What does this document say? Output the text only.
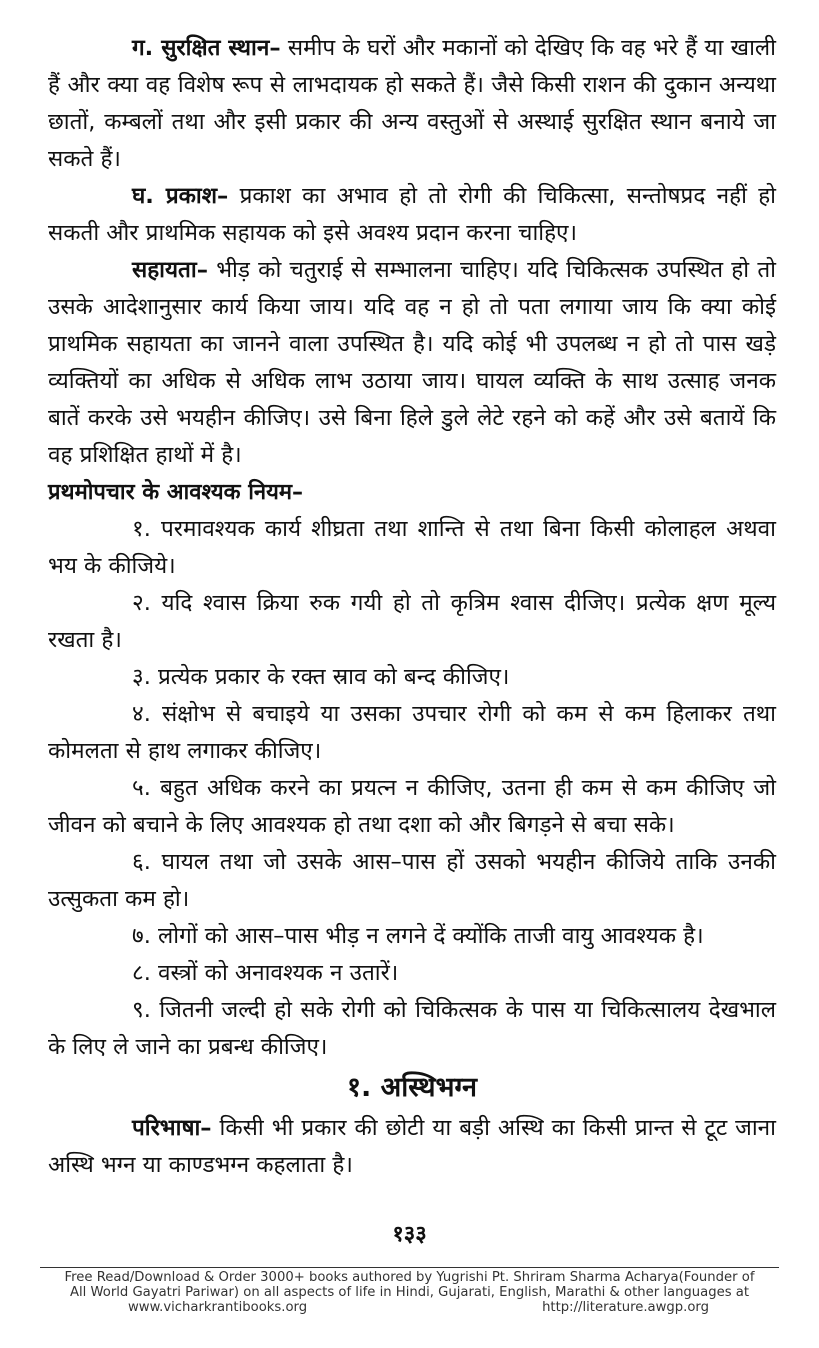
ग. सुरक्षित स्थान– समीप के घरों और मकानों को देखिए कि वह भरे हैं या खाली हैं और क्या वह विशेष रूप से लाभदायक हो सकते हैं। जैसे किसी राशन की दुकान अन्यथा छातों, कम्बलों तथा और इसी प्रकार की अन्य वस्तुओं से अस्थाई सुरक्षित स्थान बनाये जा सकते हैं।

घ. प्रकाश– प्रकाश का अभाव हो तो रोगी की चिकित्सा, सन्तोषप्रद नहीं हो सकती और प्राथमिक सहायक को इसे अवश्य प्रदान करना चाहिए।

सहायता– भीड़ को चतुराई से सम्भालना चाहिए। यदि चिकित्सक उपस्थित हो तो उसके आदेशानुसार कार्य किया जाय। यदि वह न हो तो पता लगाया जाय कि क्या कोई प्राथमिक सहायता का जानने वाला उपस्थित है। यदि कोई भी उपलब्ध न हो तो पास खड़े व्यक्तियों का अधिक से अधिक लाभ उठाया जाय। घायल व्यक्ति के साथ उत्साह जनक बातें करके उसे भयहीन कीजिए। उसे बिना हिले डुले लेटे रहने को कहें और उसे बतायें कि वह प्रशिक्षित हाथों में है।

प्रथमोपचार के आवश्यक नियम–

१. परमावश्यक कार्य शीघ्रता तथा शान्ति से तथा बिना किसी कोलाहल अथवा भय के कीजिये।

२. यदि श्वास क्रिया रुक गयी हो तो कृत्रिम श्वास दीजिए। प्रत्येक क्षण मूल्य रखता है।

३. प्रत्येक प्रकार के रक्त स्राव को बन्द कीजिए।

४. संक्षोभ से बचाइये या उसका उपचार रोगी को कम से कम हिलाकर तथा कोमलता से हाथ लगाकर कीजिए।

५. बहुत अधिक करने का प्रयत्न न कीजिए, उतना ही कम से कम कीजिए जो जीवन को बचाने के लिए आवश्यक हो तथा दशा को और बिगड़ने से बचा सके।

६. घायल तथा जो उसके आस–पास हों उसको भयहीन कीजिये ताकि उनकी उत्सुकता कम हो।

७. लोगों को आस–पास भीड़ न लगने दें क्योंकि ताजी वायु आवश्यक है।

८. वस्त्रों को अनावश्यक न उतारें।

९. जितनी जल्दी हो सके रोगी को चिकित्सक के पास या चिकित्सालय देखभाल के लिए ले जाने का प्रबन्ध कीजिए।

१. अस्थिभग्न

परिभाषा– किसी भी प्रकार की छोटी या बड़ी अस्थि का किसी प्रान्त से टूट जाना अस्थि भग्न या काण्डभग्न कहलाता है।

१३३
Free Read/Download & Order 3000+ books authored by Yugrishi Pt. Shriram Sharma Acharya(Founder of
All World Gayatri Pariwar) on all aspects of life in Hindi, Gujarati, English, Marathi & other languages at
www.vicharkrantibooks.org	http://literature.awgp.org
